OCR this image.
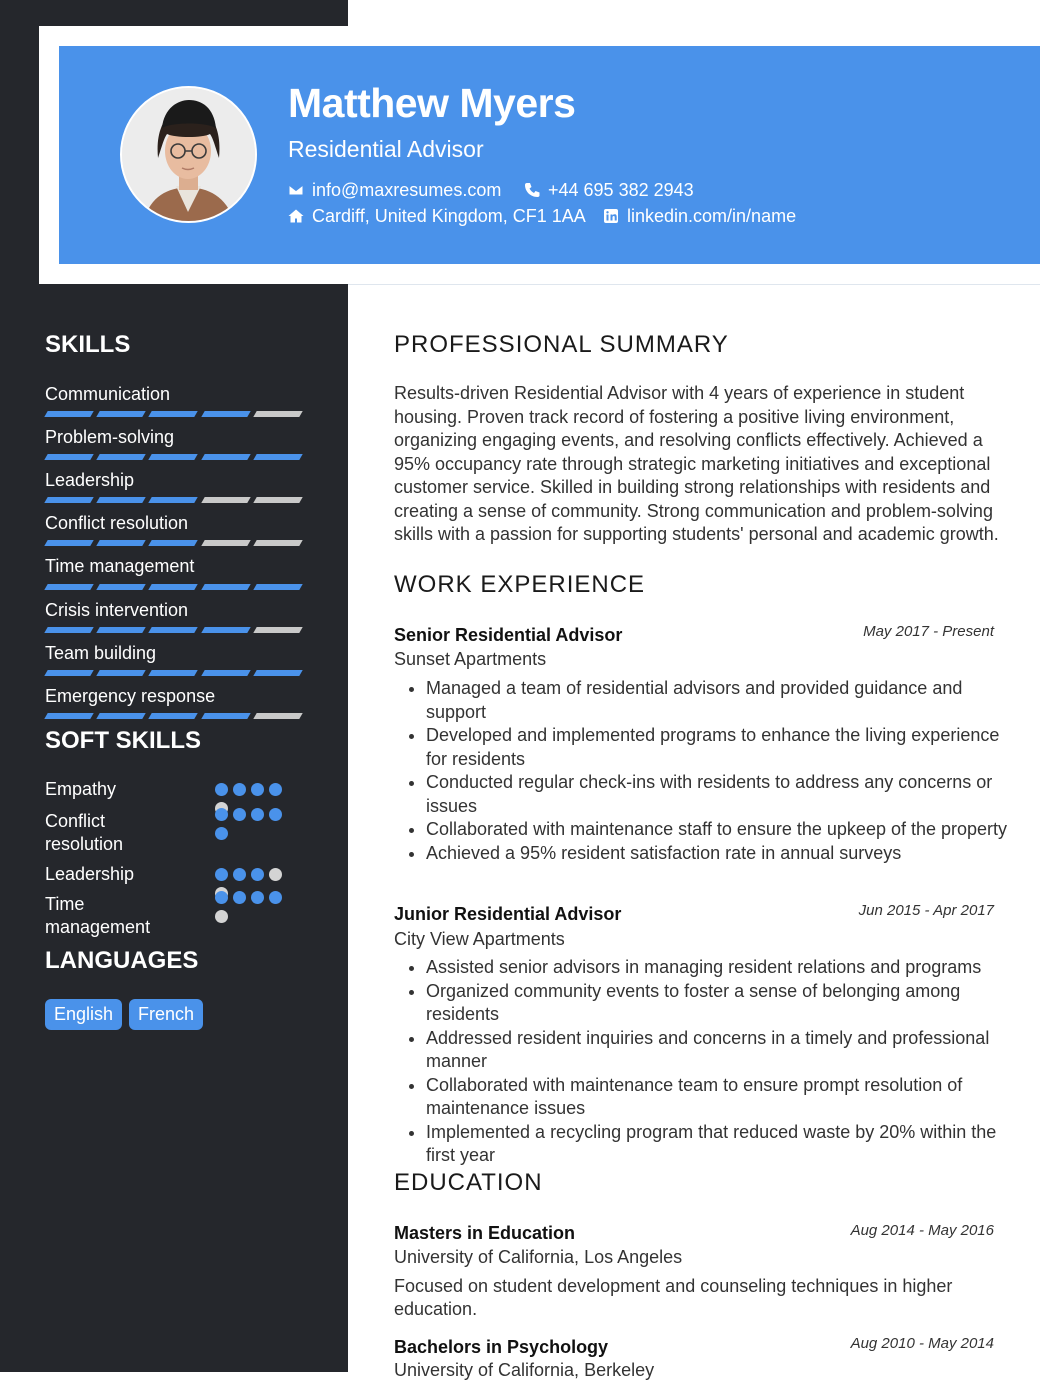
Matthew Myers
Residential Advisor
info@maxresumes.com	+44 695 382 2943
Cardiff, United Kingdom, CF1 1AA linkedin.com/in/name
SKILLS
Communication
Problem-solving
Leadership
Conflict resolution
Time management
Crisis intervention
Team building
Emergency response
SOFT SKILLS
Empathy
Conflict resolution
Leadership
Time management
LANGUAGES
English	French
PROFESSIONAL SUMMARY
Results-driven Residential Advisor with 4 years of experience in student housing. Proven track record of fostering a positive living environment, organizing engaging events, and resolving conflicts effectively. Achieved a 95% occupancy rate through strategic marketing initiatives and exceptional customer service. Skilled in building strong relationships with residents and creating a sense of community. Strong communication and problem-solving skills with a passion for supporting students' personal and academic growth.
WORK EXPERIENCE
Senior Residential Advisor	May 2017 - Present
Sunset Apartments
• Managed a team of residential advisors and provided guidance and support
• Developed and implemented programs to enhance the living experience for residents
• Conducted regular check-ins with residents to address any concerns or issues
• Collaborated with maintenance staff to ensure the upkeep of the property
• Achieved a 95% resident satisfaction rate in annual surveys
Junior Residential Advisor	Jun 2015 - Apr 2017
City View Apartments
• Assisted senior advisors in managing resident relations and programs
• Organized community events to foster a sense of belonging among residents
• Addressed resident inquiries and concerns in a timely and professional manner
• Collaborated with maintenance team to ensure prompt resolution of maintenance issues
• Implemented a recycling program that reduced waste by 20% within the first year
EDUCATION
Masters in Education	Aug 2014 - May 2016
University of California, Los Angeles
Focused on student development and counseling techniques in higher education.
Bachelors in Psychology	Aug 2010 - May 2014
University of California, Berkeley
